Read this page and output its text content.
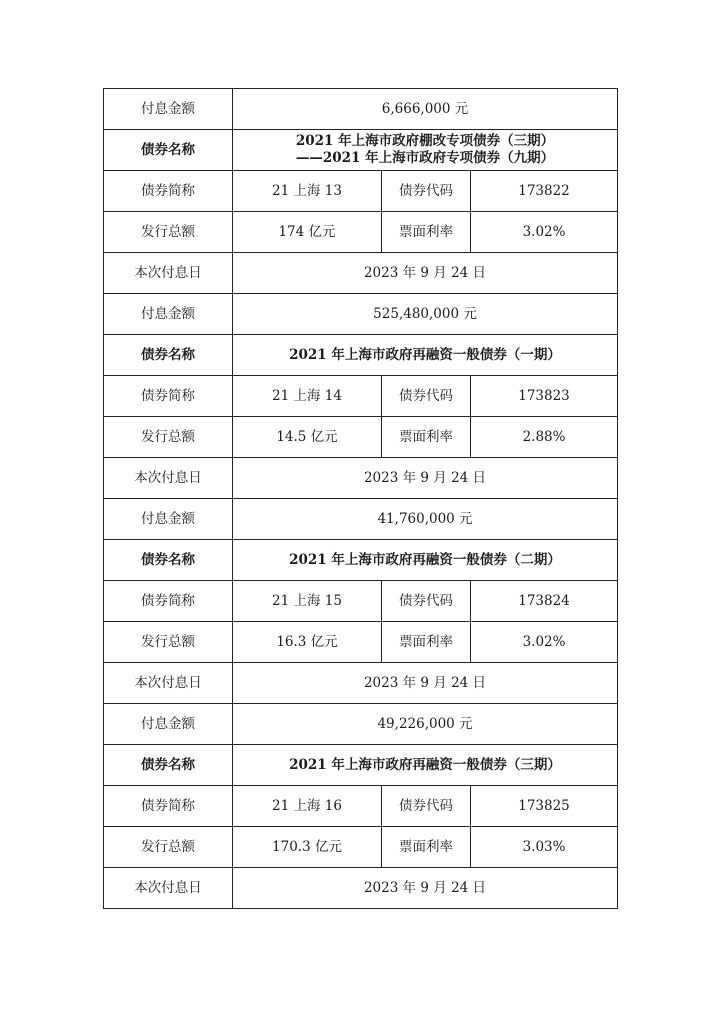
付息金额	6,666,000 元		
债券名称	2021 年上海市政府棚改专项债券（三期）
——2021 年上海市政府专项债券（九期）		

债券简称	21 上海 13	债券代码	173822
发行总额	174 亿元	票面利率	3.02%
本次付息日	2023 年 9 月 24 日		
付息金额	525,480,000 元		
债券名称	2021 年上海市政府再融资一般债券（一期）		
债券简称	21 上海 14	债券代码	173823
发行总额	14.5 亿元	票面利率	2.88%
本次付息日	2023 年 9 月 24 日		
付息金额	41,760,000 元		
债券名称	2021 年上海市政府再融资一般债券（二期）		
债券简称	21 上海 15	债券代码	173824
发行总额	16.3 亿元	票面利率	3.02%
本次付息日	2023 年 9 月 24 日		
付息金额	49,226,000 元		
债券名称	2021 年上海市政府再融资一般债券（三期）		
债券简称	21 上海 16	债券代码	173825
发行总额	170.3 亿元	票面利率	3.03%
本次付息日	2023 年 9 月 24 日		
